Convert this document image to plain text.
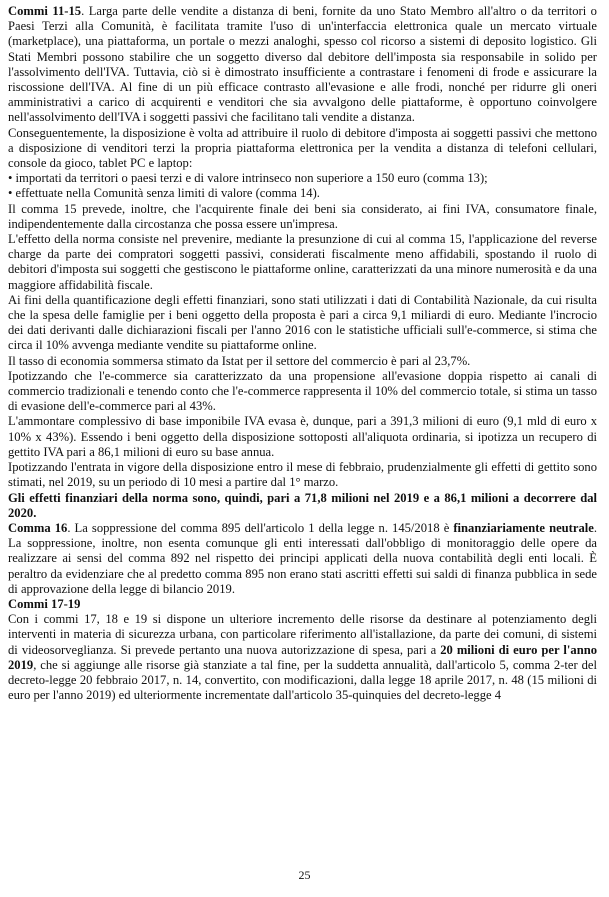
Commi 11-15. Larga parte delle vendite a distanza di beni, fornite da uno Stato Membro all'altro o da territori o Paesi Terzi alla Comunità, è facilitata tramite l'uso di un'interfaccia elettronica quale un mercato virtuale (marketplace), una piattaforma, un portale o mezzi analoghi, spesso col ricorso a sistemi di deposito logistico. Gli Stati Membri possono stabilire che un soggetto diverso dal debitore dell'imposta sia responsabile in solido per l'assolvimento dell'IVA. Tuttavia, ciò si è dimostrato insufficiente a contrastare i fenomeni di frode e assicurare la riscossione dell'IVA. Al fine di un più efficace contrasto all'evasione e alle frodi, nonché per ridurre gli oneri amministrativi a carico di acquirenti e venditori che sia avvalgono delle piattaforme, è opportuno coinvolgere nell'assolvimento dell'IVA i soggetti passivi che facilitano tali vendite a distanza.

Conseguentemente, la disposizione è volta ad attribuire il ruolo di debitore d'imposta ai soggetti passivi che mettono a disposizione di venditori terzi la propria piattaforma elettronica per la vendita a distanza di telefoni cellulari, console da gioco, tablet PC e laptop:

• importati da territori o paesi terzi e di valore intrinseco non superiore a 150 euro (comma 13);
• effettuate nella Comunità senza limiti di valore (comma 14).

Il comma 15 prevede, inoltre, che l'acquirente finale dei beni sia considerato, ai fini IVA, consumatore finale, indipendentemente dalla circostanza che possa essere un'impresa.

L'effetto della norma consiste nel prevenire, mediante la presunzione di cui al comma 15, l'applicazione del reverse charge da parte dei compratori soggetti passivi, considerati fiscalmente meno affidabili, spostando il ruolo di debitori d'imposta sui soggetti che gestiscono le piattaforme online, caratterizzati da una minore numerosità e da una maggiore affidabilità fiscale.

Ai fini della quantificazione degli effetti finanziari, sono stati utilizzati i dati di Contabilità Nazionale, da cui risulta che la spesa delle famiglie per i beni oggetto della proposta è pari a circa 9,1 miliardi di euro. Mediante l'incrocio dei dati derivanti dalle dichiarazioni fiscali per l'anno 2016 con le statistiche ufficiali sull'e-commerce, si stima che circa il 10% avvenga mediante vendite su piattaforme online.

Il tasso di economia sommersa stimato da Istat per il settore del commercio è pari al 23,7%.

Ipotizzando che l'e-commerce sia caratterizzato da una propensione all'evasione doppia rispetto ai canali di commercio tradizionali e tenendo conto che l'e-commerce rappresenta il 10% del commercio totale, si stima un tasso di evasione dell'e-commerce pari al 43%.

L'ammontare complessivo di base imponibile IVA evasa è, dunque, pari a 391,3 milioni di euro (9,1 mld di euro x 10% x 43%). Essendo i beni oggetto della disposizione sottoposti all'aliquota ordinaria, si ipotizza un recupero di gettito IVA pari a 86,1 milioni di euro su base annua.

Ipotizzando l'entrata in vigore della disposizione entro il mese di febbraio, prudenzialmente gli effetti di gettito sono stimati, nel 2019, su un periodo di 10 mesi a partire dal 1° marzo.

Gli effetti finanziari della norma sono, quindi, pari a 71,8 milioni nel 2019 e a 86,1 milioni a decorrere dal 2020.

Comma 16. La soppressione del comma 895 dell'articolo 1 della legge n. 145/2018 è finanziariamente neutrale. La soppressione, inoltre, non esenta comunque gli enti interessati dall'obbligo di monitoraggio delle opere da realizzare ai sensi del comma 892 nel rispetto dei principi applicati della nuova contabilità degli enti locali. È peraltro da evidenziare che al predetto comma 895 non erano stati ascritti effetti sui saldi di finanza pubblica in sede di approvazione della legge di bilancio 2019.

Commi 17-19

Con i commi 17, 18 e 19 si dispone un ulteriore incremento delle risorse da destinare al potenziamento degli interventi in materia di sicurezza urbana, con particolare riferimento all'istallazione, da parte dei comuni, di sistemi di videosorveglianza. Si prevede pertanto una nuova autorizzazione di spesa, pari a 20 milioni di euro per l'anno 2019, che si aggiunge alle risorse già stanziate a tal fine, per la suddetta annualità, dall'articolo 5, comma 2-ter del decreto-legge 20 febbraio 2017, n. 14, convertito, con modificazioni, dalla legge 18 aprile 2017, n. 48 (15 milioni di euro per l'anno 2019) ed ulteriormente incrementate dall'articolo 35-quinquies del decreto-legge 4

25
